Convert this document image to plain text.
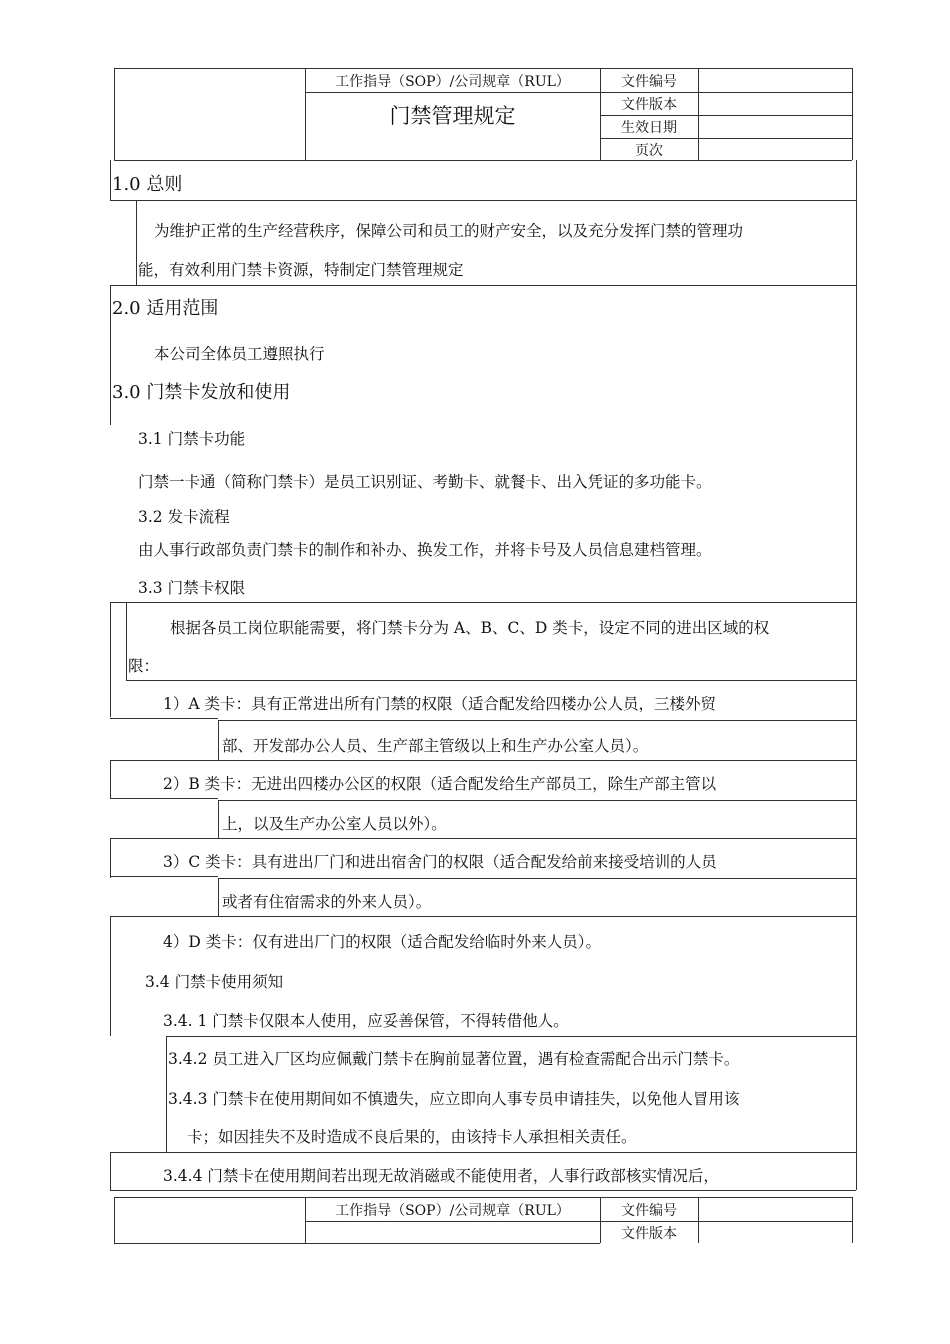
工作指导（SOP）/公司规章（RUL）
门禁管理规定
文件编号
文件版本
生效日期
页次
1.0 总则
为维护正常的生产经营秩序，保障公司和员工的财产安全，以及充分发挥门禁的管理功
能，有效利用门禁卡资源，特制定门禁管理规定
2.0 适用范围
本公司全体员工遵照执行
3.0 门禁卡发放和使用
3.1 门禁卡功能
门禁一卡通（简称门禁卡）是员工识别证、考勤卡、就餐卡、出入凭证的多功能卡。
3.2 发卡流程
由人事行政部负责门禁卡的制作和补办、换发工作，并将卡号及人员信息建档管理。
3.3 门禁卡权限
根据各员工岗位职能需要，将门禁卡分为 A、B、C、D 类卡，设定不同的进出区域的权
限：
1）A 类卡：具有正常进出所有门禁的权限（适合配发给四楼办公人员，三楼外贸
部、开发部办公人员、生产部主管级以上和生产办公室人员）。
2）B 类卡：无进出四楼办公区的权限（适合配发给生产部员工，除生产部主管以
上，以及生产办公室人员以外）。
3）C 类卡：具有进出厂门和进出宿舍门的权限（适合配发给前来接受培训的人员
或者有住宿需求的外来人员）。
4）D 类卡：仅有进出厂门的权限（适合配发给临时外来人员）。
3.4 门禁卡使用须知
3.4. 1 门禁卡仅限本人使用，应妥善保管，不得转借他人。
3.4.2 员工进入厂区均应佩戴门禁卡在胸前显著位置，遇有检查需配合出示门禁卡。
3.4.3 门禁卡在使用期间如不慎遗失，应立即向人事专员申请挂失，以免他人冒用该
卡；如因挂失不及时造成不良后果的，由该持卡人承担相关责任。
3.4.4 门禁卡在使用期间若出现无故消磁或不能使用者，人事行政部核实情况后，
工作指导（SOP）/公司规章（RUL）	文件编号
文件版本
